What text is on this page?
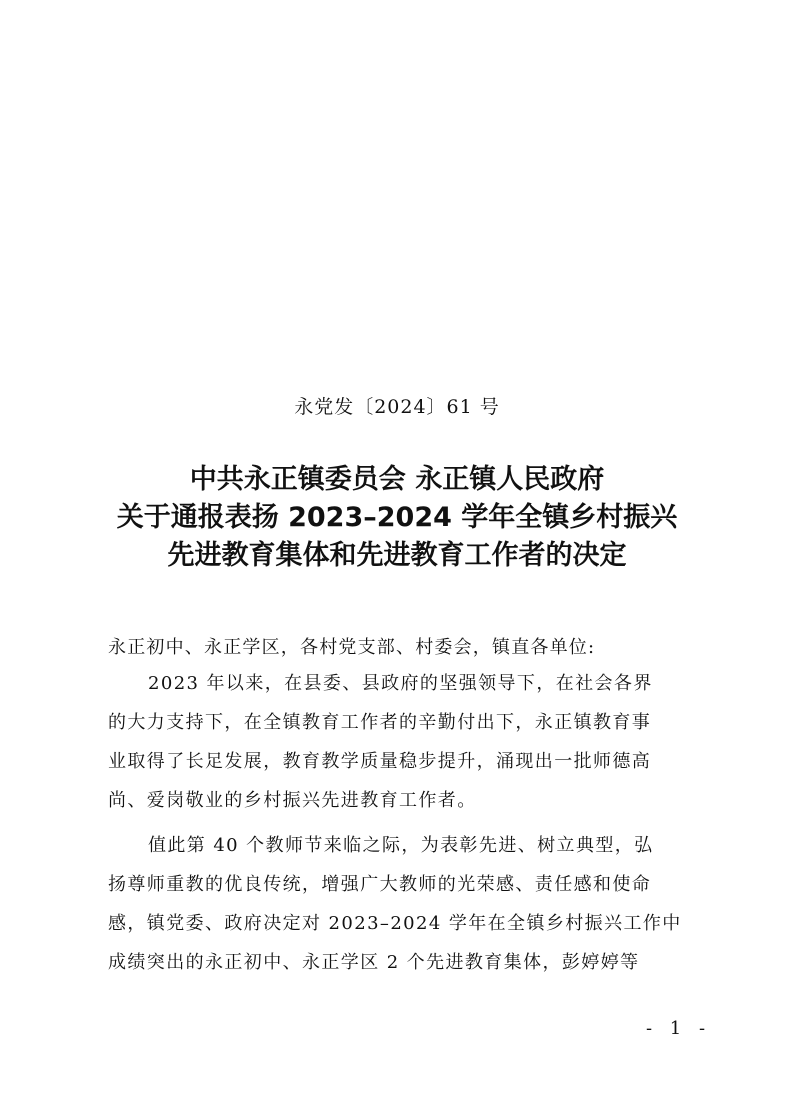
永党发〔2024〕61 号
中共永正镇委员会 永正镇人民政府
关于通报表扬 2023–2024 学年全镇乡村振兴
先进教育集体和先进教育工作者的决定
永正初中、永正学区，各村党支部、村委会，镇直各单位:
2023 年以来，在县委、县政府的坚强领导下，在社会各界
的大力支持下，在全镇教育工作者的辛勤付出下，永正镇教育事
业取得了长足发展，教育教学质量稳步提升，涌现出一批师德高
尚、爱岗敬业的乡村振兴先进教育工作者。
值此第 40 个教师节来临之际，为表彰先进、树立典型，弘
扬尊师重教的优良传统，增强广大教师的光荣感、责任感和使命
感，镇党委、政府决定对 2023–2024 学年在全镇乡村振兴工作中
成绩突出的永正初中、永正学区 2 个先进教育集体，彭婷婷等
- 1 -
